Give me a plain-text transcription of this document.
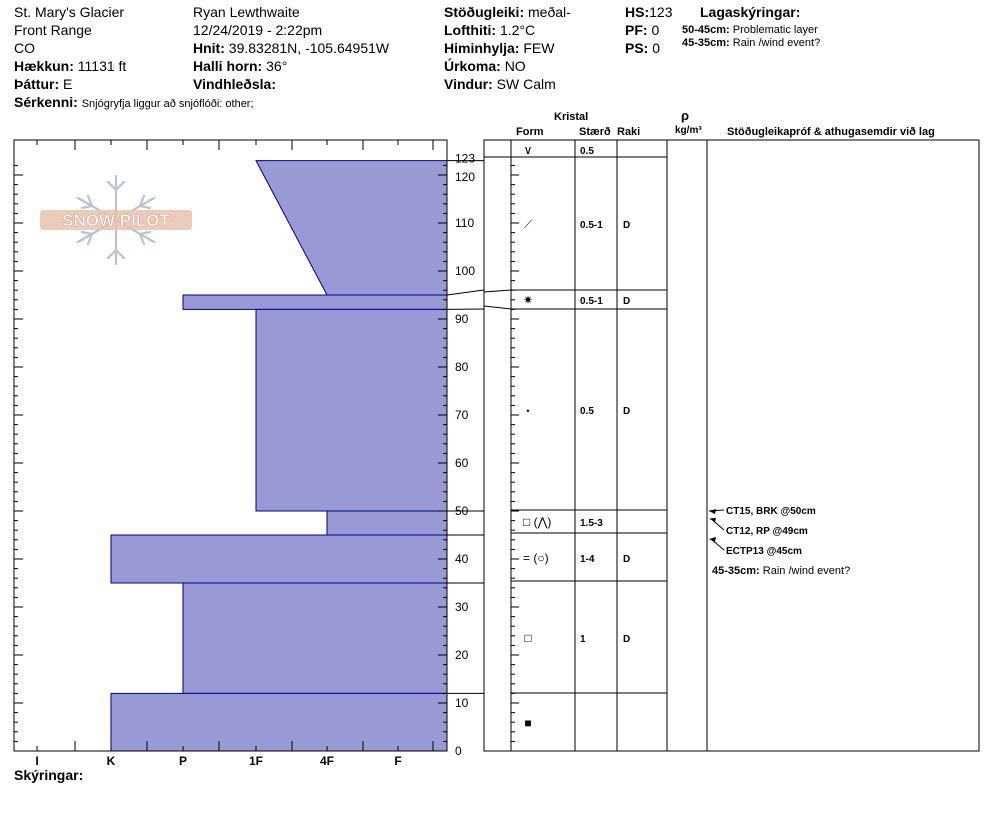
St. Mary's Glacier
Front Range
CO
Hækkun: 11131 ft
Þáttur: E
Sérkenni: Snjógryfja liggur að snjóflóði: other;
Ryan Lewthwaite
12/24/2019 - 2:22pm
Hnit: 39.83281N, -105.64951W
Halli horn: 36°
Vindhleðsla:
Stöðugleiki: meðal-
Lofthiti: 1.2°C
Himinhylja: FEW
Úrkoma: NO
Vindur: SW Calm
HS:123
PF: 0
PS: 0
Lagaskýringar:
50-45cm: Problematic layer
45-35cm: Rain /wind event?
Kristal
Form	Stærð Raki
ρ
kg/m³ Stöðugleikapróf & athugasemdir við lag
I	K	P	1F	4F	F
0
10
20
30
40
50
60
70
80
90
100
110
120
123
∨	0.5
⟋	0.5-1 D
✷	0.5-1 D
•	0.5	D
□ (⋀)	1.5-3
= (○)	1-4	D
□	1	D
■
CT15, BRK @50cm
CT12, RP @49cm
ECTP13 @45cm
45-35cm: Rain /wind event?
SNOW PILOT
Skýringar:
